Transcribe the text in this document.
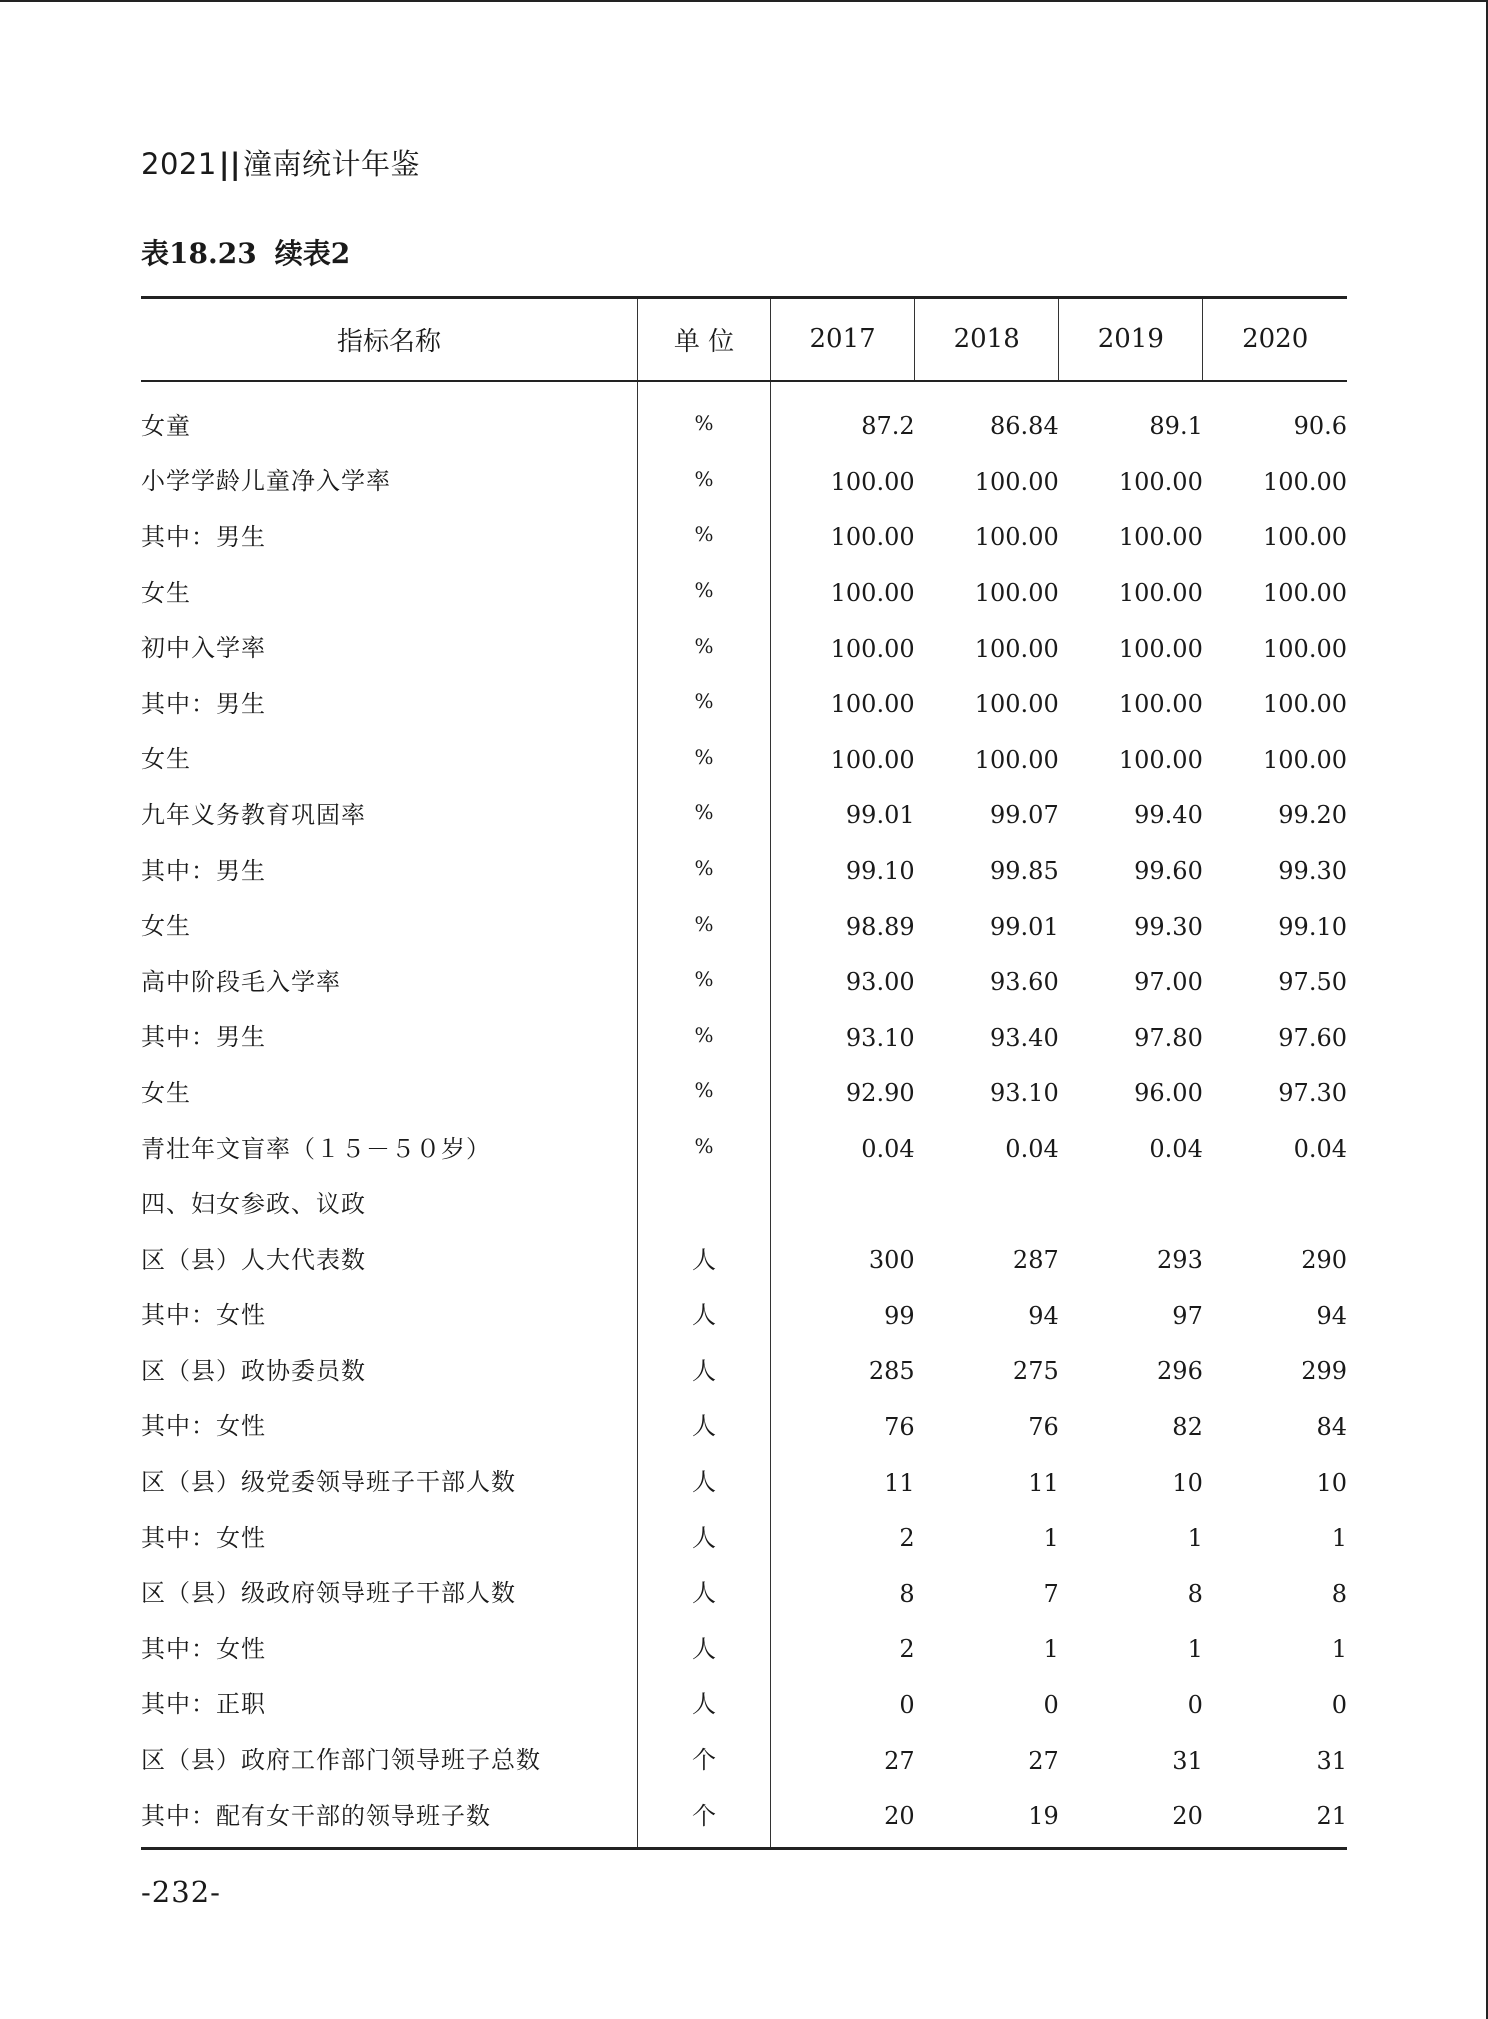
2021||潼南统计年鉴
表18.23 续表2
指标名称	单 位	2017	2018	2019	2020
女童	%	87.2	86.84	89.1	90.6
小学学龄儿童净入学率	%	100.00	100.00	100.00	100.00
其中：男生	%	100.00	100.00	100.00	100.00
女生	%	100.00	100.00	100.00	100.00
初中入学率	%	100.00	100.00	100.00	100.00
其中：男生	%	100.00	100.00	100.00	100.00
女生	%	100.00	100.00	100.00	100.00
九年义务教育巩固率	%	99.01	99.07	99.40	99.20
其中：男生	%	99.10	99.85	99.60	99.30
女生	%	98.89	99.01	99.30	99.10
高中阶段毛入学率	%	93.00	93.60	97.00	97.50
其中：男生	%	93.10	93.40	97.80	97.60
女生	%	92.90	93.10	96.00	97.30
青壮年文盲率（１５－５０岁）	%	0.04	0.04	0.04	0.04
四、妇女参政、议政					
区（县）人大代表数	人	300	287	293	290
其中：女性	人	99	94	97	94
区（县）政协委员数	人	285	275	296	299
其中：女性	人	76	76	82	84
区（县）级党委领导班子干部人数	人	11	11	10	10
其中：女性	人	2	1	1	1
区（县）级政府领导班子干部人数	人	8	7	8	8
其中：女性	人	2	1	1	1
其中：正职	人	0	0	0	0
区（县）政府工作部门领导班子总数	个	27	27	31	31
其中：配有女干部的领导班子数	个	20	19	20	21
-232-
